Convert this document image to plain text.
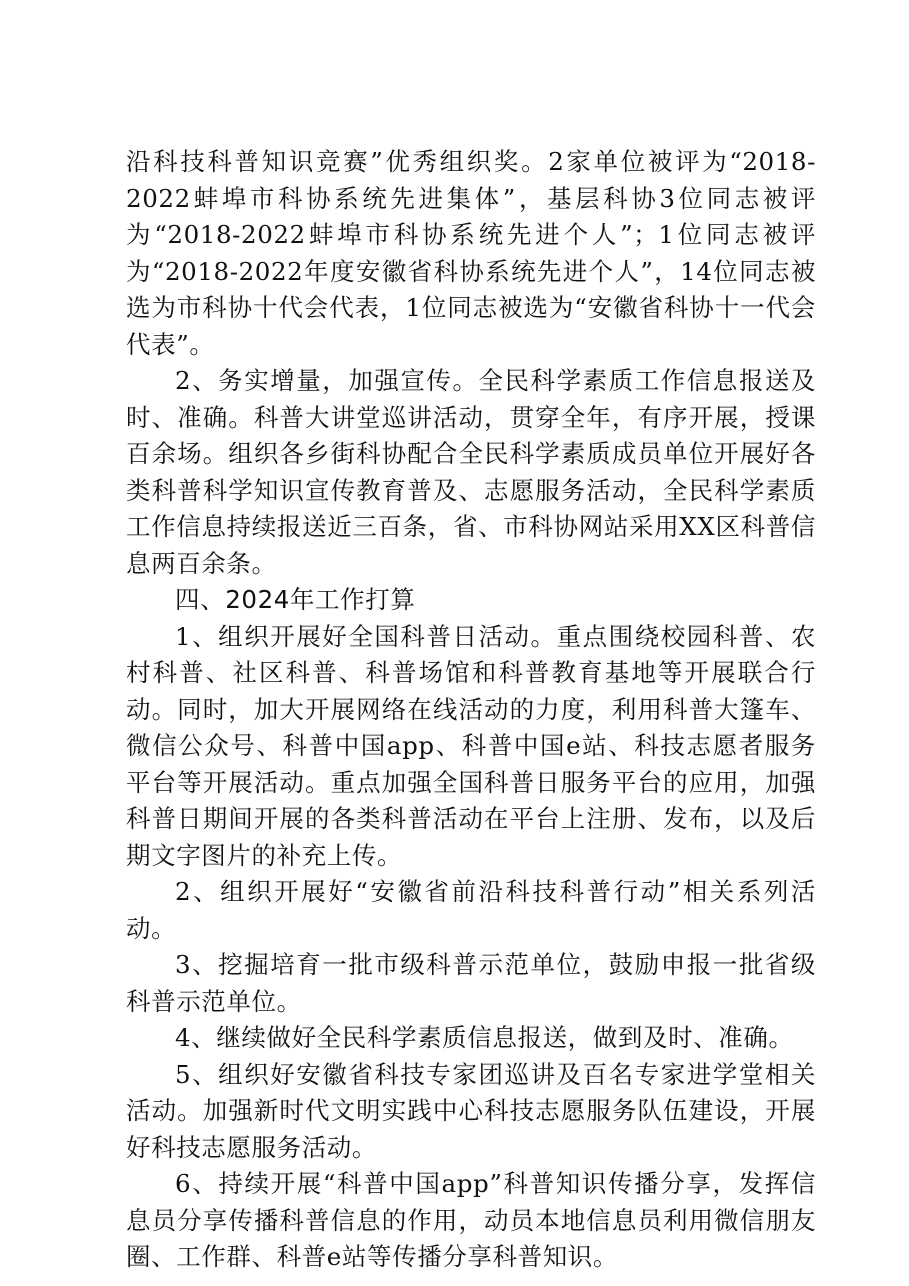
沿科技科普知识竞赛”优秀组织奖。2家单位被评为“2018-2022蚌埠市科协系统先进集体”，基层科协3位同志被评为“2018-2022蚌埠市科协系统先进个人”；1位同志被评为“2018-2022年度安徽省科协系统先进个人”，14位同志被选为市科协十代会代表，1位同志被选为“安徽省科协十一代会代表”。

2、务实增量，加强宣传。全民科学素质工作信息报送及时、准确。科普大讲堂巡讲活动，贯穿全年，有序开展，授课百余场。组织各乡街科协配合全民科学素质成员单位开展好各类科普科学知识宣传教育普及、志愿服务活动，全民科学素质工作信息持续报送近三百条，省、市科协网站采用XX区科普信息两百余条。

四、2024年工作打算

1、组织开展好全国科普日活动。重点围绕校园科普、农村科普、社区科普、科普场馆和科普教育基地等开展联合行动。同时，加大开展网络在线活动的力度，利用科普大篷车、微信公众号、科普中国app、科普中国e站、科技志愿者服务平台等开展活动。重点加强全国科普日服务平台的应用，加强科普日期间开展的各类科普活动在平台上注册、发布，以及后期文字图片的补充上传。

2、组织开展好“安徽省前沿科技科普行动”相关系列活动。

3、挖掘培育一批市级科普示范单位，鼓励申报一批省级科普示范单位。

4、继续做好全民科学素质信息报送，做到及时、准确。

5、组织好安徽省科技专家团巡讲及百名专家进学堂相关活动。加强新时代文明实践中心科技志愿服务队伍建设，开展好科技志愿服务活动。

6、持续开展“科普中国app”科普知识传播分享，发挥信息员分享传播科普信息的作用，动员本地信息员利用微信朋友圈、工作群、科普e站等传播分享科普知识。
